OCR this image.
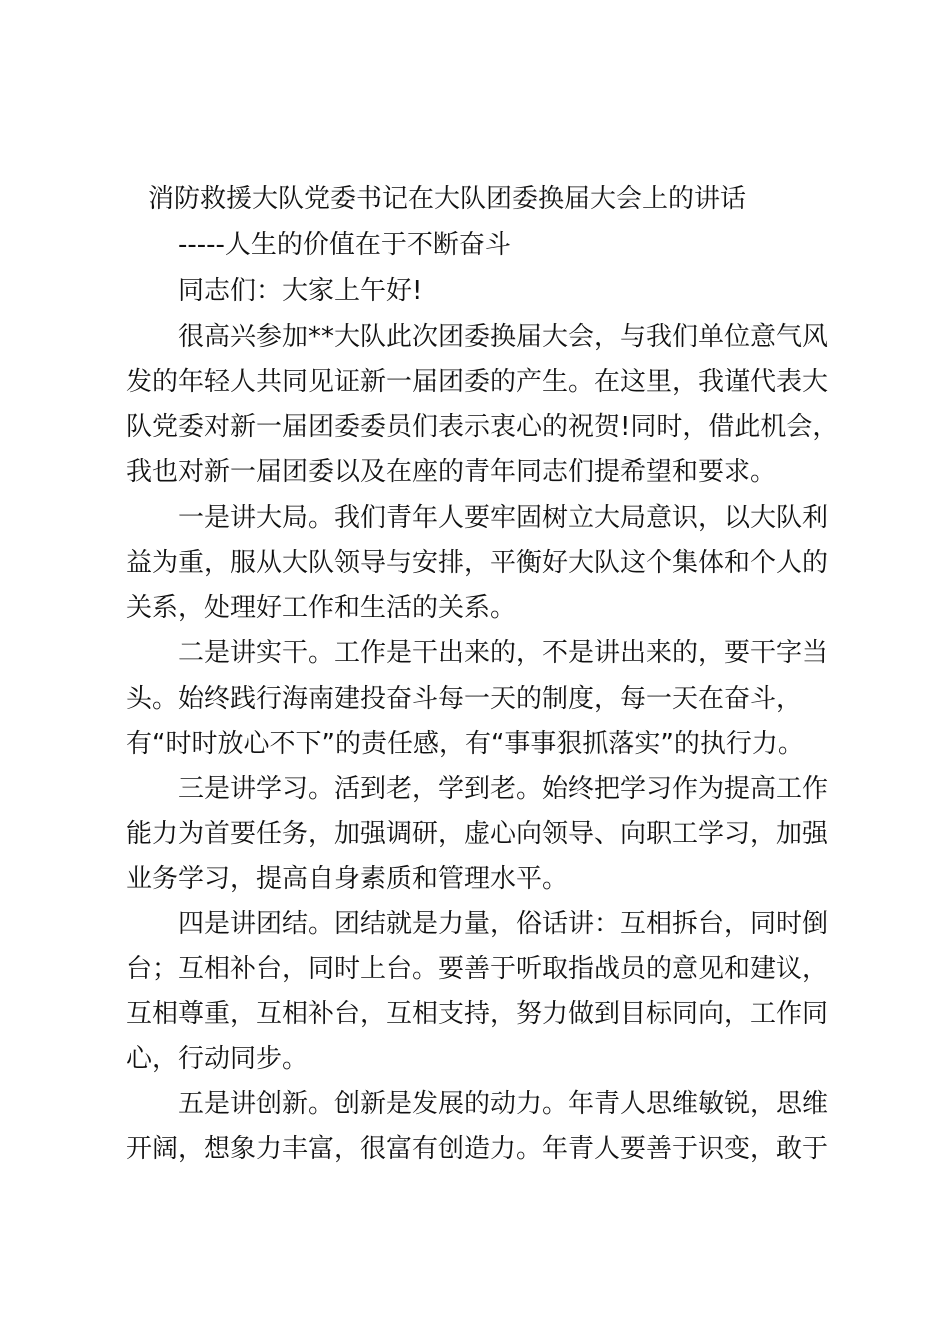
消防救援大队党委书记在大队团委换届大会上的讲话
-----人生的价值在于不断奋斗
同志们：大家上午好!
很高兴参加**大队此次团委换届大会，与我们单位意气风
发的年轻人共同见证新一届团委的产生。在这里，我谨代表大
队党委对新一届团委委员们表示衷心的祝贺!同时，借此机会，
我也对新一届团委以及在座的青年同志们提希望和要求。
一是讲大局。我们青年人要牢固树立大局意识，以大队利
益为重，服从大队领导与安排，平衡好大队这个集体和个人的
关系，处理好工作和生活的关系。
二是讲实干。工作是干出来的，不是讲出来的，要干字当
头。始终践行海南建投奋斗每一天的制度，每一天在奋斗，
有“时时放心不下”的责任感，有“事事狠抓落实”的执行力。
三是讲学习。活到老，学到老。始终把学习作为提高工作
能力为首要任务，加强调研，虚心向领导、向职工学习，加强
业务学习，提高自身素质和管理水平。
四是讲团结。团结就是力量，俗话讲：互相拆台，同时倒
台；互相补台，同时上台。要善于听取指战员的意见和建议，
互相尊重，互相补台，互相支持，努力做到目标同向，工作同
心，行动同步。
五是讲创新。创新是发展的动力。年青人思维敏锐，思维
开阔，想象力丰富，很富有创造力。年青人要善于识变，敢于
